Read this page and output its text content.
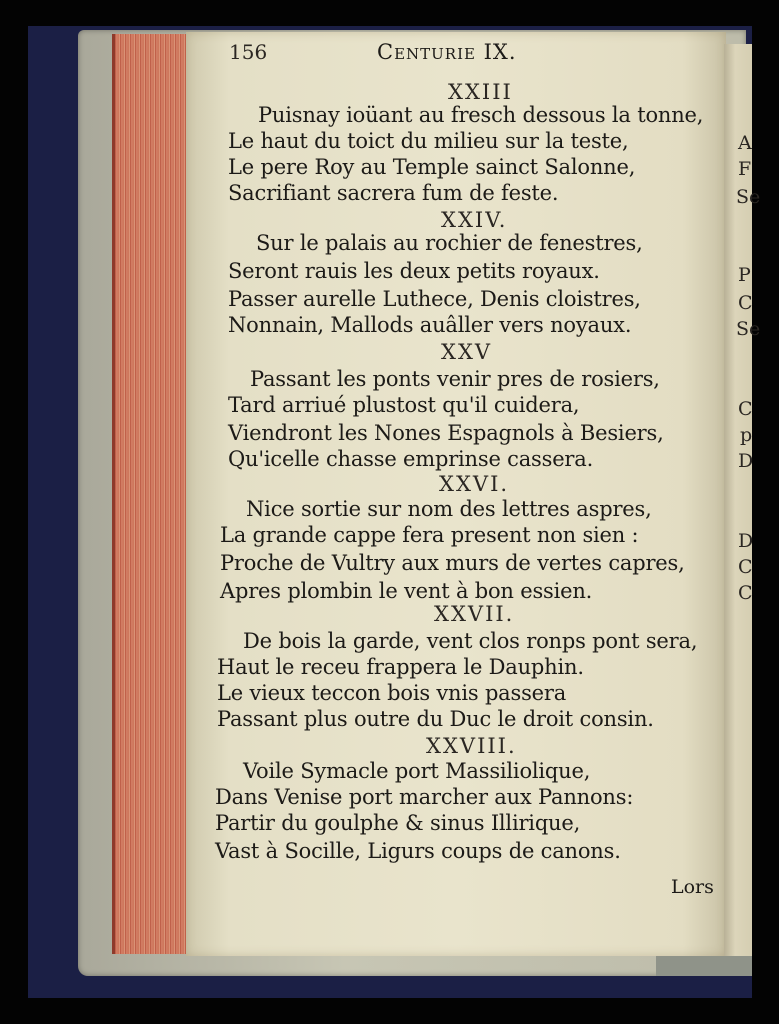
156	Centurie IX.
XXIII
Puisnay ioüant au fresch dessous la tonne,
Le haut du toict du milieu sur la teste,
Le pere Roy au Temple sainct Salonne,
Sacrifiant sacrera fum de feste.
XXIV.
Sur le palais au rochier de fenestres,
Seront rauis les deux petits royaux.
Passer aurelle Luthece, Denis cloistres,
Nonnain, Mallods auâller vers noyaux.
XXV
Passant les ponts venir pres de rosiers,
Tard arriué plustost qu'il cuidera,
Viendront les Nones Espagnols à Besiers,
Qu'icelle chasse emprinse cassera.
XXVI.
Nice sortie sur nom des lettres aspres,
La grande cappe fera present non sien :
Proche de Vultry aux murs de vertes capres,
Apres plombin le vent à bon essien.
XXVII.
De bois la garde, vent clos ronps pont sera,
Haut le receu frappera le Dauphin.
Le vieux teccon bois vnis passera
Passant plus outre du Duc le droit consin.
XXVIII.
Voile Symacle port Massiliolique,
Dans Venise port marcher aux Pannons:
Partir du goulphe & sinus Illirique,
Vast à Socille, Ligurs coups de canons.
Lors
A
F
Se
P
C
Se
C
p
D
D
C
C
